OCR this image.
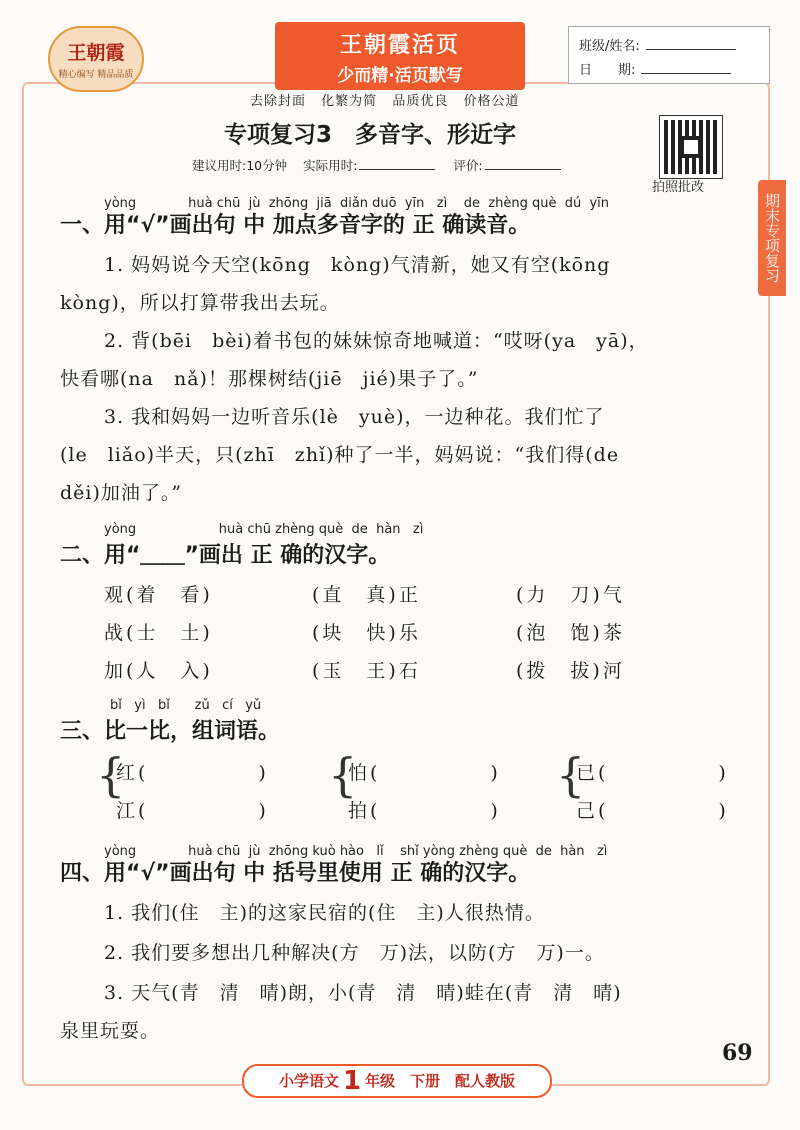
王朝霞
精心编写 精品品质
王朝霞活页
少而精·活页默写
班级/姓名:
日　　期:
去除封面 化繁为简 品质优良 价格公道
专项复习3　多音字、形近字
建议用时:10分钟 实际用时:	评价:
拍照批改
期末专项复习
yòng　　　　huà chū  jù  zhōng  jiā  diǎn duō  yīn   zì    de  zhèng què  dú  yīn
一、用“√”画出句 中 加点多音字的 正 确读音。
1. 妈妈说今天空(kōng　kòng)气清新，她又有空(kōng
kòng)，所以打算带我出去玩。
2. 背(bēi　bèi)着书包的妹妹惊奇地喊道：“哎呀(ya　yā)，
快看哪(na　nǎ)！那棵树结(jiē　jié)果子了。”
3. 我和妈妈一边听音乐(lè　yuè)，一边种花。我们忙了
(le　liǎo)半天，只(zhī　zhǐ)种了一半，妈妈说：“我们得(de
děi)加油了。”
yòng                    huà chū zhèng què  de  hàn   zì
二、用“＿＿”画出 正 确的汉字。
观(着　看)	(直　真)正	(力　刀)气
战(士　土)	(块　快)乐	(泡　饱)茶
加(人　入)	(玉　王)石	(拨　拔)河
bǐ   yì   bǐ      zǔ   cí   yǔ
三、比一比，组词语。
{
红(　　　　　)
江(　　　　　)
{
怕(　　　　　)
拍(　　　　　)
{
已(　　　　　)
己(　　　　　)
yòng　　　　huà chū  jù  zhōng kuò hào   lǐ    shǐ yòng zhèng què  de  hàn   zì
四、用“√”画出句 中 括号里使用 正 确的汉字。
1. 我们(住　主)的这家民宿的(住　主)人很热情。
2. 我们要多想出几种解决(方　万)法，以防(方　万)一。
3. 天气(青　清　晴)朗，小(青　清　晴)蛙在(青　清　晴)
泉里玩耍。
69
小学语文 1 年级　下册　配人教版
